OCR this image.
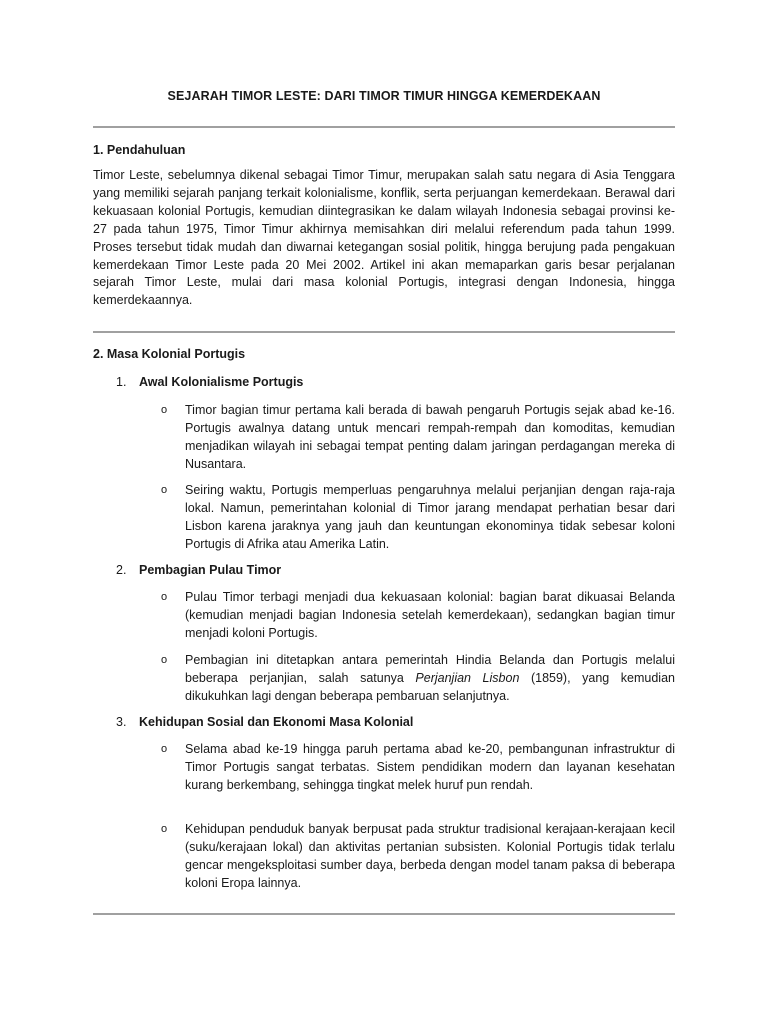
SEJARAH TIMOR LESTE: DARI TIMOR TIMUR HINGGA KEMERDEKAAN
1. Pendahuluan

Timor Leste, sebelumnya dikenal sebagai Timor Timur, merupakan salah satu negara di Asia Tenggara yang memiliki sejarah panjang terkait kolonialisme, konflik, serta perjuangan kemerdekaan. Berawal dari kekuasaan kolonial Portugis, kemudian diintegrasikan ke dalam wilayah Indonesia sebagai provinsi ke-27 pada tahun 1975, Timor Timur akhirnya memisahkan diri melalui referendum pada tahun 1999. Proses tersebut tidak mudah dan diwarnai ketegangan sosial politik, hingga berujung pada pengakuan kemerdekaan Timor Leste pada 20 Mei 2002. Artikel ini akan memaparkan garis besar perjalanan sejarah Timor Leste, mulai dari masa kolonial Portugis, integrasi dengan Indonesia, hingga kemerdekaannya.

2. Masa Kolonial Portugis
1. Awal Kolonialisme Portugis
o Timor bagian timur pertama kali berada di bawah pengaruh Portugis sejak abad ke-16. Portugis awalnya datang untuk mencari rempah-rempah dan komoditas, kemudian menjadikan wilayah ini sebagai tempat penting dalam jaringan perdagangan mereka di Nusantara.

o Seiring waktu, Portugis memperluas pengaruhnya melalui perjanjian dengan raja-raja lokal. Namun, pemerintahan kolonial di Timor jarang mendapat perhatian besar dari Lisbon karena jaraknya yang jauh dan keuntungan ekonominya tidak sebesar koloni Portugis di Afrika atau Amerika Latin.

2. Pembagian Pulau Timor
o Pulau Timor terbagi menjadi dua kekuasaan kolonial: bagian barat dikuasai Belanda (kemudian menjadi bagian Indonesia setelah kemerdekaan), sedangkan bagian timur menjadi koloni Portugis.

o Pembagian ini ditetapkan antara pemerintah Hindia Belanda dan Portugis melalui beberapa perjanjian, salah satunya Perjanjian Lisbon (1859), yang kemudian dikukuhkan lagi dengan beberapa pembaruan selanjutnya.

3. Kehidupan Sosial dan Ekonomi Masa Kolonial
o Selama abad ke-19 hingga paruh pertama abad ke-20, pembangunan infrastruktur di Timor Portugis sangat terbatas. Sistem pendidikan modern dan layanan kesehatan kurang berkembang, sehingga tingkat melek huruf pun rendah.

o Kehidupan penduduk banyak berpusat pada struktur tradisional kerajaan-kerajaan kecil (suku/kerajaan lokal) dan aktivitas pertanian subsisten. Kolonial Portugis tidak terlalu gencar mengeksploitasi sumber daya, berbeda dengan model tanam paksa di beberapa koloni Eropa lainnya.
